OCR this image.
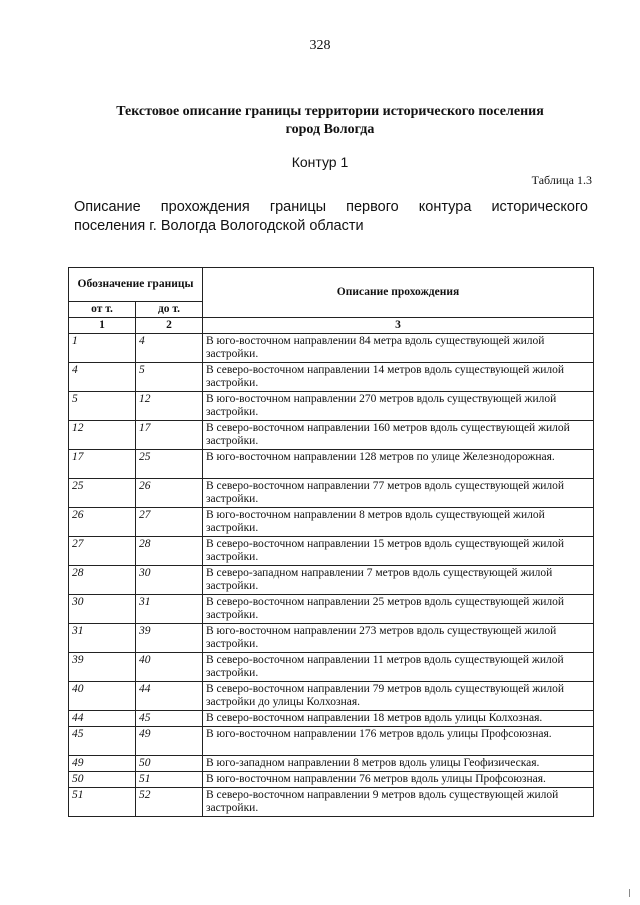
328
Текстовое описание границы территории исторического поселения
город Вологда
Контур 1
Таблица 1.3
Описание прохождения границы первого контура исторического
поселения г. Вологда Вологодской области
Обозначение границы		Описание прохождения
от т.	до т.	
1	2	3
1	4	В юго-восточном направлении 84 метра вдоль существующей жилой застройки.
4	5	В северо-восточном направлении 14 метров вдоль существующей жилой застройки.
5	12	В юго-восточном направлении 270 метров вдоль существующей жилой застройки.
12	17	В северо-восточном направлении 160 метров вдоль существующей жилой застройки.
17	25	В юго-восточном направлении 128 метров по улице Железнодорожная.
25	26	В северо-восточном направлении 77 метров вдоль существующей жилой застройки.
26	27	В юго-восточном направлении 8 метров вдоль существующей жилой застройки.
27	28	В северо-восточном направлении 15 метров вдоль существующей жилой застройки.
28	30	В северо-западном направлении 7 метров вдоль существующей жилой застройки.
30	31	В северо-восточном направлении 25 метров вдоль существующей жилой застройки.
31	39	В юго-восточном направлении 273 метров вдоль существующей жилой застройки.
39	40	В северо-восточном направлении 11 метров вдоль существующей жилой застройки.
40	44	В северо-восточном направлении 79 метров вдоль существующей жилой застройки до улицы Колхозная.
44	45	В северо-восточном направлении 18 метров вдоль улицы Колхозная.
45	49	В юго-восточном направлении 176 метров вдоль улицы Профсоюзная.
49	50	В юго-западном направлении 8 метров вдоль улицы Геофизическая.
50	51	В юго-восточном направлении 76 метров вдоль улицы Профсоюзная.
51	52	В северо-восточном направлении 9 метров вдоль существующей жилой застройки.
